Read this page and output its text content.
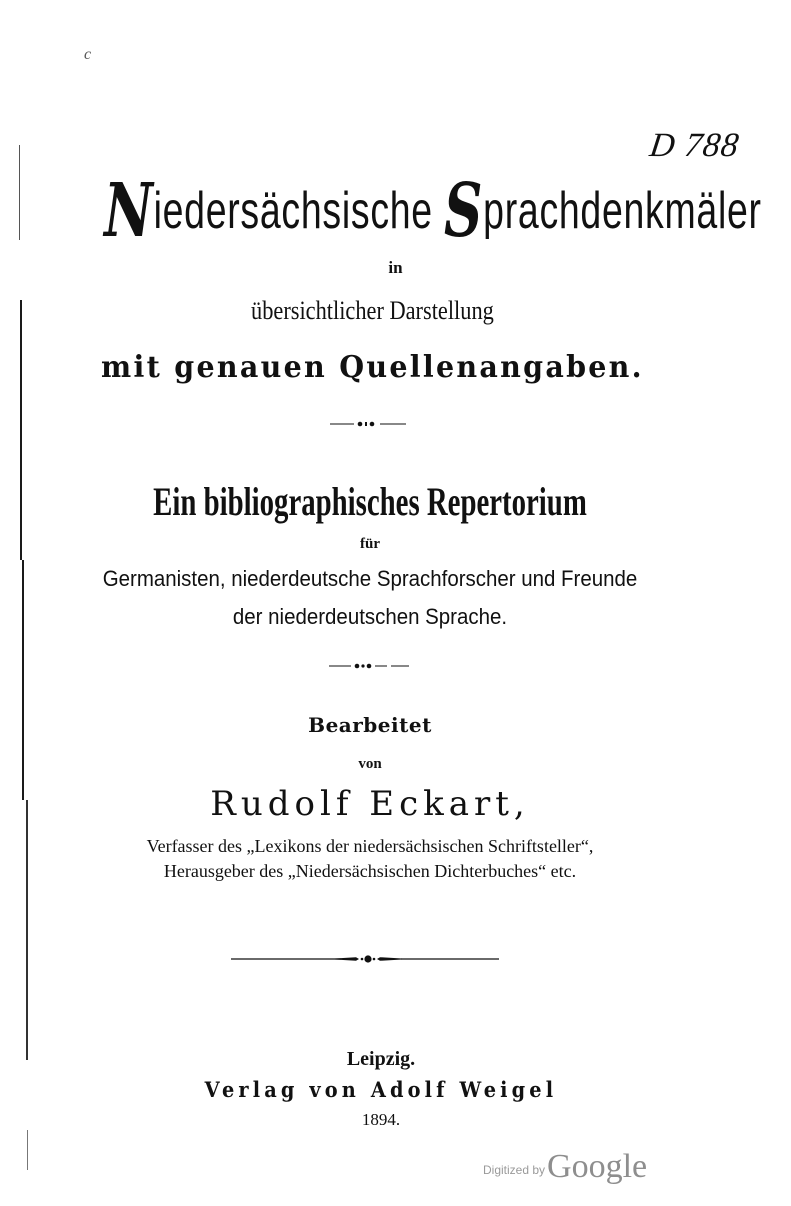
c
D 788
Niedersächsische Sprachdenkmäler
in
übersichtlicher Darstellung
mit genauen Quellenangaben.
Ein bibliographisches Repertorium
für
Germanisten, niederdeutsche Sprachforscher und Freunde
der niederdeutschen Sprache.
Bearbeitet
von
Rudolf Eckart,
Verfasser des „Lexikons der niedersächsischen Schriftsteller“,
Herausgeber des „Niedersächsischen Dichterbuches“ etc.
Leipzig.
Verlag von Adolf Weigel
1894.
Digitized byGoogle
